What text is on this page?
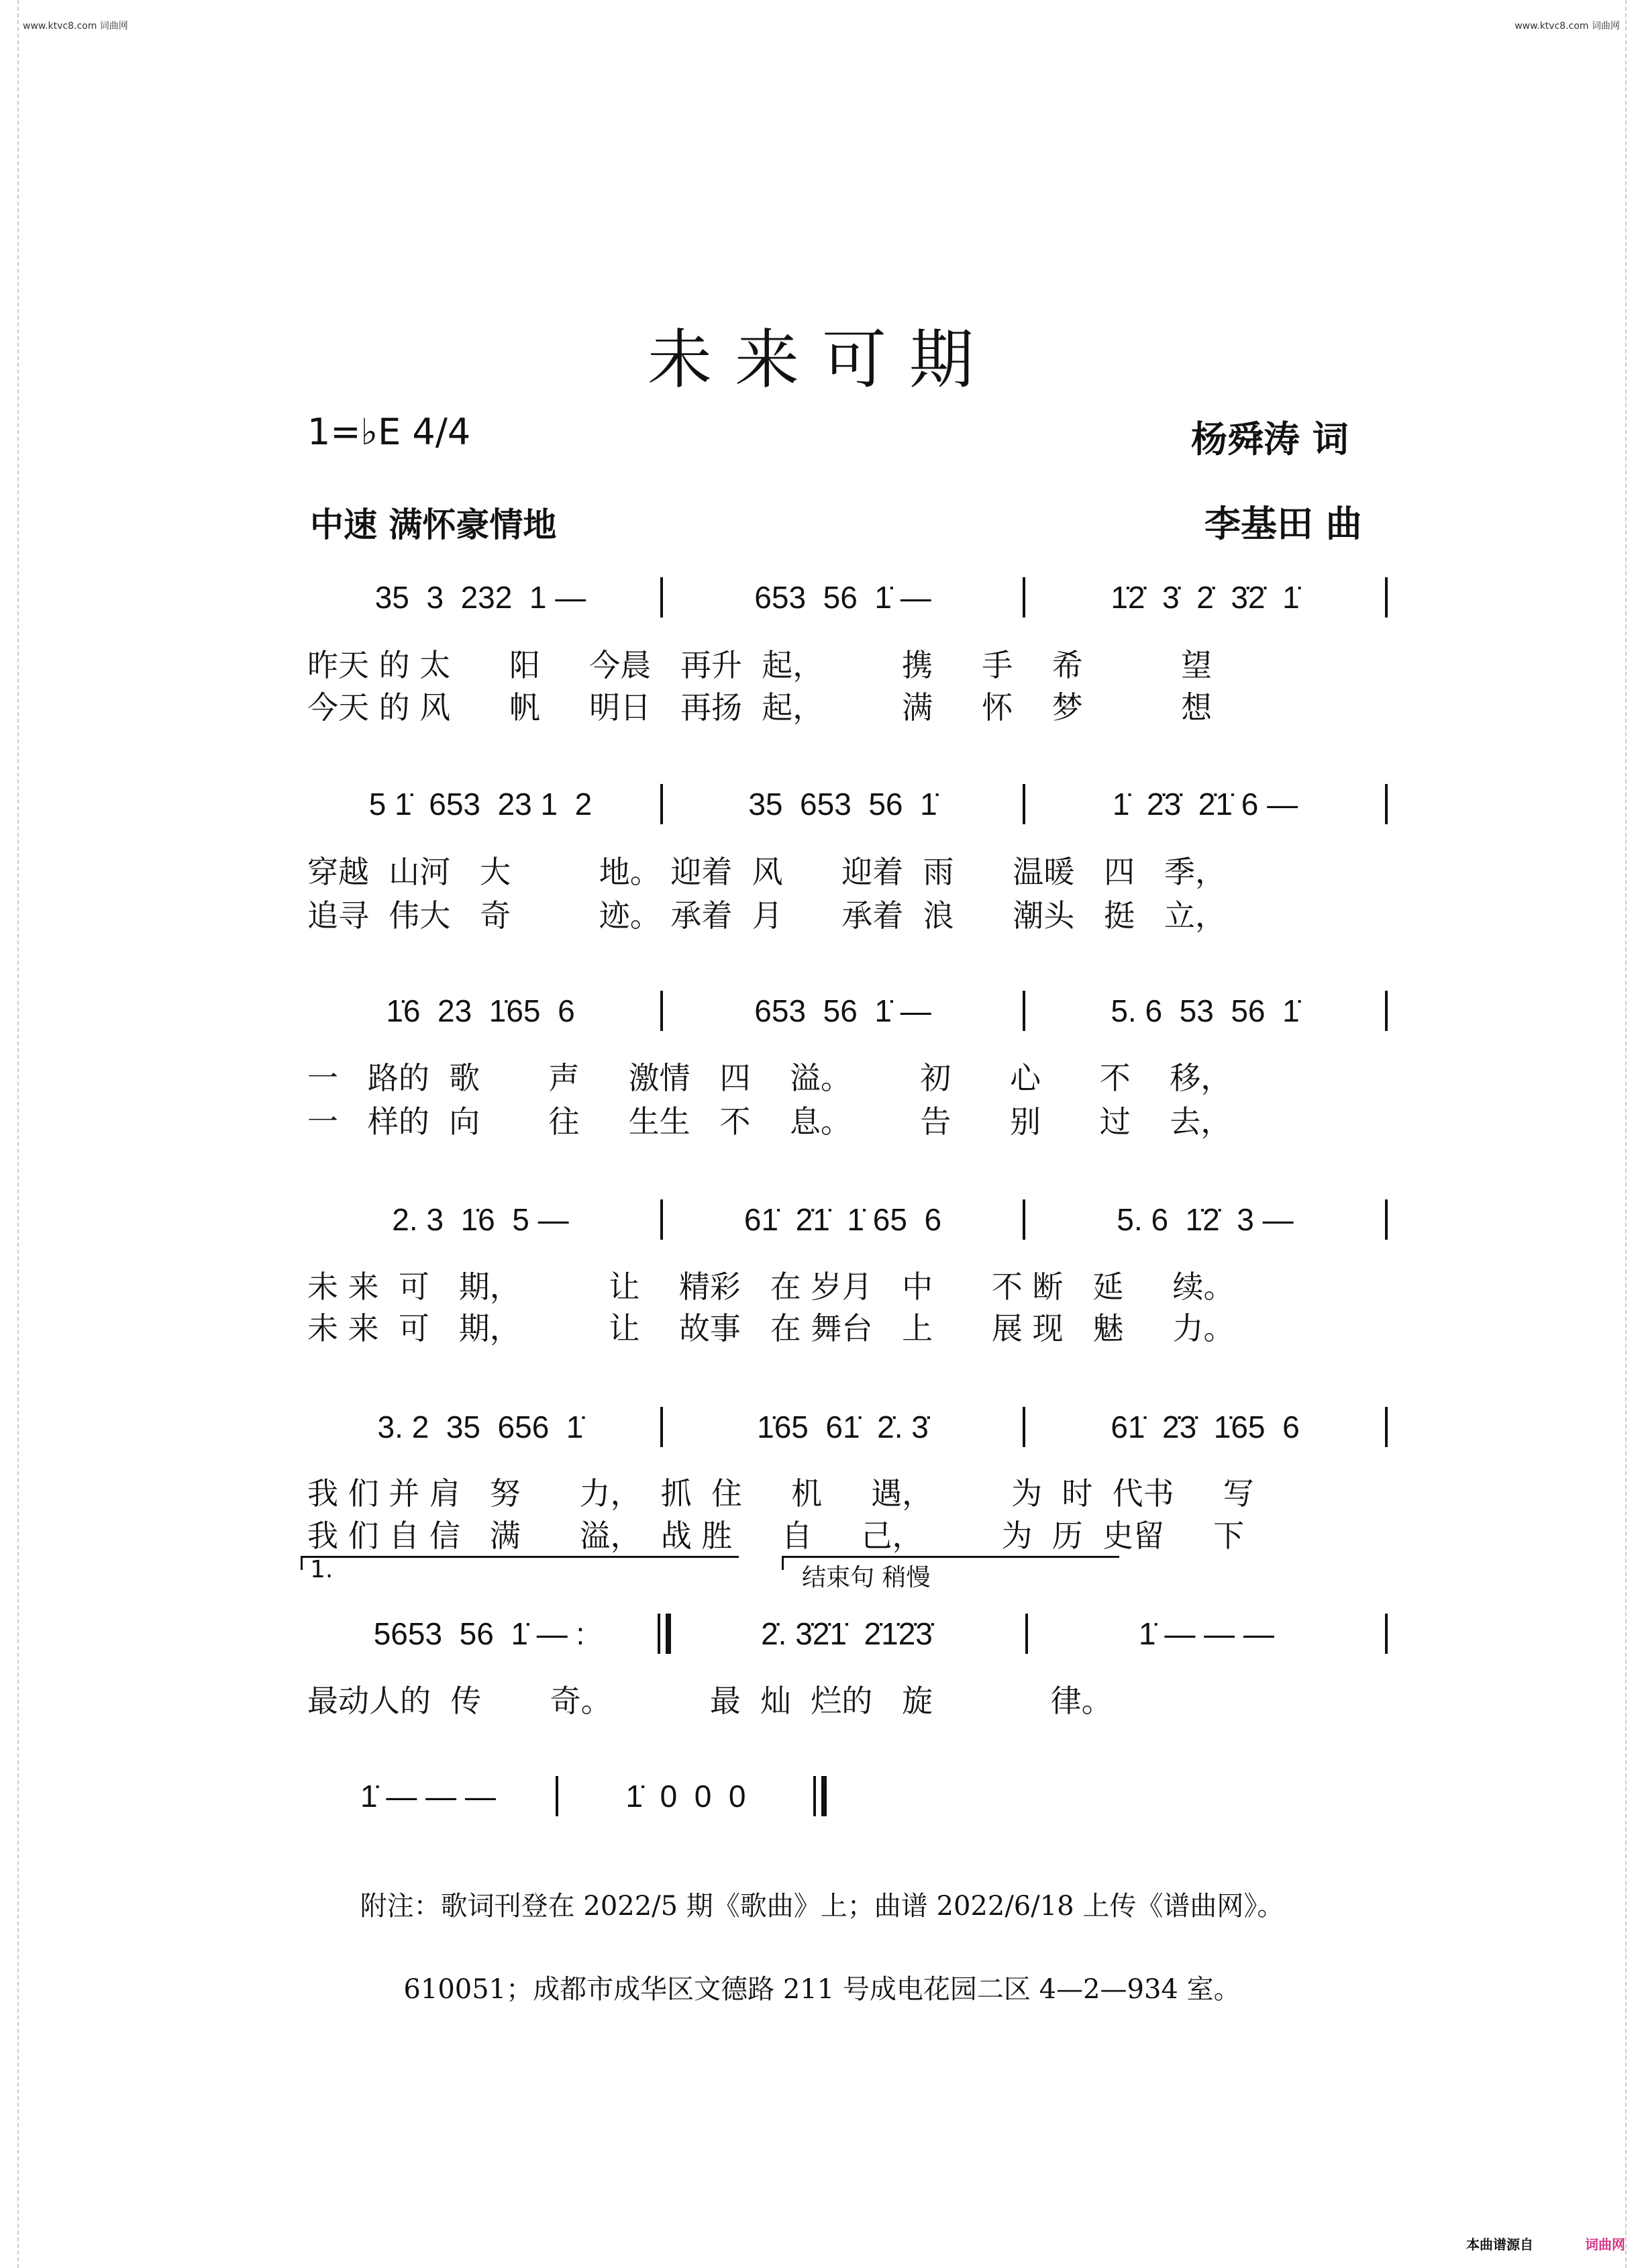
www.ktvc8.com 词曲网	www.ktvc8.com 词曲网
未来可期
1=♭E 4/4	杨舜涛 词
中速 满怀豪情地	李基田 曲
35  3  232  1 —	653  56  1̇ —	1̇2̇  3̇  2̇  3̇2̇  1̇
昨天 的 太      阳     今晨   再升  起，        携     手    希          望
今天 的 风      帆     明日   再扬  起，        满     怀    梦          想
5 1̇  653  23 1  2	35  653  56  1̇	1̇  2̇3̇  2̇1̇ 6 —
穿越  山河   大         地。 迎着  风      迎着  雨      温暖   四   季，
追寻  伟大   奇         迹。 承着  月      承着  浪      潮头   挺   立，
1̇6  23  1̇65  6	653  56  1̇ —	5. 6  53  56  1̇
一   路的  歌       声     激情   四    溢。       初      心      不    移，
一   样的  向       往     生生   不    息。       告      别      过    去，
2. 3  1̇6  5 —	61̇  2̇1̇  1̇ 65  6	5. 6  1̇2̇  3 —
未 来  可   期，         让    精彩   在 岁月   中      不 断   延     续。
未 来  可   期，         让    故事   在 舞台   上      展 现   魅     力。
3. 2  35  656  1̇	1̇65  61̇  2̇. 3̇	61̇  2̇3̇  1̇65  6
我 们 并 肩   努      力，  抓  住     机     遇，        为  时  代书     写
我 们 自 信   满      溢，  战 胜     自     己，        为  历  史留     下
5653  56  1̇ — :	2̇. 3̇2̇1̇  2̇1̇2̇3̇	1̇ — — —
最动人的  传       奇。          最  灿  烂的   旋            律。
1̇ — — —	1̇  0  0  0
1.	结束句 稍慢
附注：歌词刊登在 2022/5 期《歌曲》上；曲谱 2022/6/18 上传《谱曲网》。
610051；成都市成华区文德路 211 号成电花园二区 4—2—934 室。
本曲谱源自	词曲网
